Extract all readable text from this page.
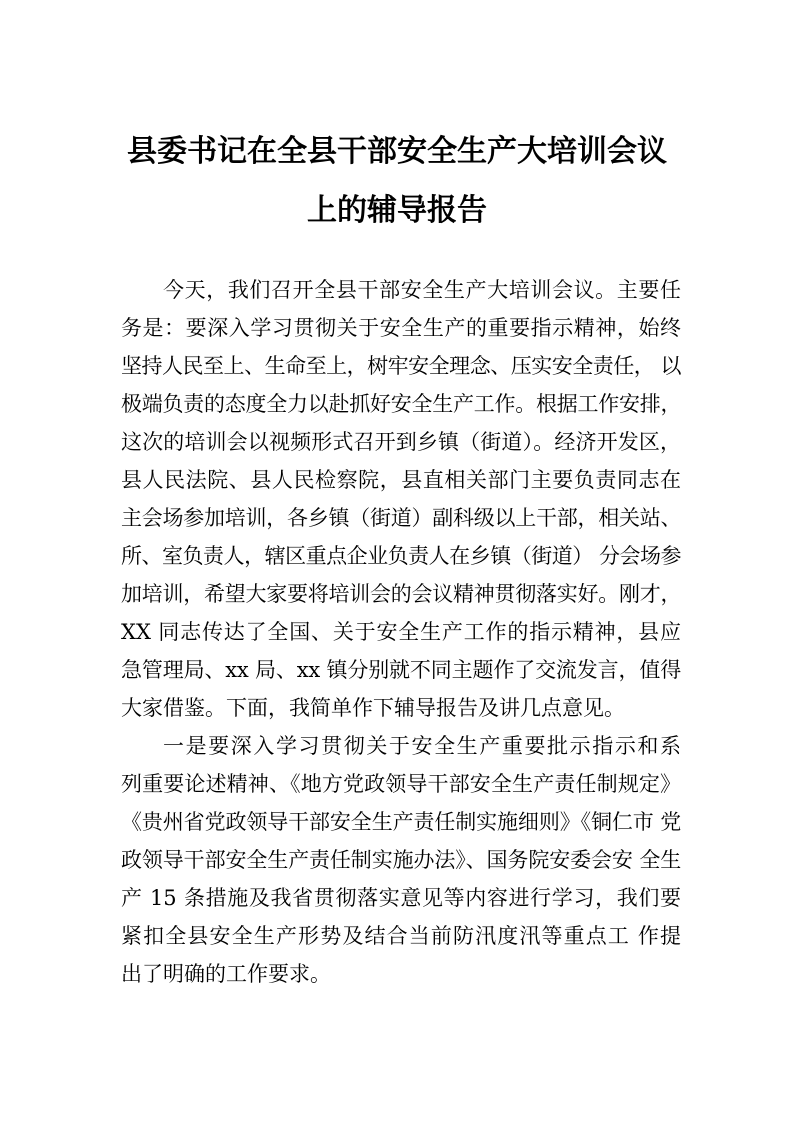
县委书记在全县干部安全生产大培训会议
上的辅导报告
今天，我们召开全县干部安全生产大培训会议。主要任
务是：要深入学习贯彻关于安全生产的重要指示精神，始终
坚持人民至上、生命至上，树牢安全理念、压实安全责任， 以
极端负责的态度全力以赴抓好安全生产工作。根据工作安排，
这次的培训会以视频形式召开到乡镇（街道）。经济开发区，
县人民法院、县人民检察院，县直相关部门主要负责同志在
主会场参加培训，各乡镇（街道）副科级以上干部，相关站、
所、室负责人，辖区重点企业负责人在乡镇（街道） 分会场参
加培训，希望大家要将培训会的会议精神贯彻落实好。刚才，
XX 同志传达了全国、关于安全生产工作的指示精神，县应
急管理局、xx 局、xx 镇分别就不同主题作了交流发言，值得
大家借鉴。下面，我简单作下辅导报告及讲几点意见。
一是要深入学习贯彻关于安全生产重要批示指示和系
列重要论述精神、《地方党政领导干部安全生产责任制规定》
《贵州省党政领导干部安全生产责任制实施细则》《铜仁市 党
政领导干部安全生产责任制实施办法》、国务院安委会安 全生
产 15 条措施及我省贯彻落实意见等内容进行学习，我们要
紧扣全县安全生产形势及结合当前防汛度汛等重点工 作提
出了明确的工作要求。
